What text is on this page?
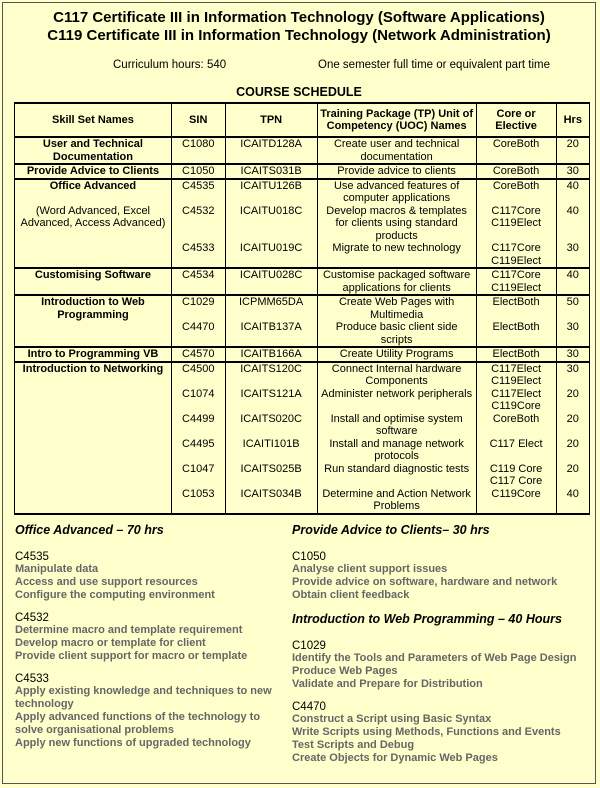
C117 Certificate III in Information Technology (Software Applications)
C119 Certificate III in Information Technology (Network Administration)
Curriculum hours: 540	One semester full time or equivalent part time
COURSE SCHEDULE
Skill Set Names	SIN	TPN	Training Package (TP) Unit of Competency (UOC) Names	Core or Elective	Hrs
User and Technical Documentation	C1080	ICAITD128A	Create user and technical documentation	CoreBoth	20
Provide Advice to Clients	C1050	ICAITS031B	Provide advice to clients	CoreBoth	30
Office Advanced	C4535	ICAITU126B	Use advanced features of computer applications	CoreBoth	40
(Word Advanced, Excel Advanced, Access Advanced)	C4532	ICAITU018C	Develop macros & templates for clients using standard products	C117Core C119Elect	40
	C4533	ICAITU019C	Migrate to new technology	C117Core C119Elect	30
Customising Software	C4534	ICAITU028C	Customise packaged software applications for clients	C117Core C119Elect	40
Introduction to Web Programming	C1029	ICPMM65DA	Create Web Pages with Multimedia	ElectBoth	50
	C4470	ICAITB137A	Produce basic client side scripts	ElectBoth	30
Intro to Programming VB	C4570	ICAITB166A	Create Utility Programs	ElectBoth	30
Introduction to Networking	C4500	ICAITS120C	Connect Internal hardware Components	C117Elect C119Elect	30
	C1074	ICAITS121A	Administer network peripherals	C117Elect C119Core	20
	C4499	ICAITS020C	Install and optimise system software	CoreBoth	20
	C4495	ICAITI101B	Install and manage network protocols	C117 Elect	20
	C1047	ICAITS025B	Run standard diagnostic tests	C119 Core C117 Core	20
	C1053	ICAITS034B	Determine and Action Network Problems	C119Core	40
Office Advanced – 70 hrs
C4535
Manipulate data
Access and use support resources
Configure the computing environment
C4532
Determine macro and template requirement
Develop macro or template for client
Provide client support for macro or template
C4533
Apply existing knowledge and techniques to new technology
Apply advanced functions of the technology to solve organisational problems
Apply new functions of upgraded technology
Provide Advice to Clients– 30 hrs
C1050
Analyse client support issues
Provide advice on software, hardware and network
Obtain client feedback
Introduction to Web Programming – 40 Hours
C1029
Identify the Tools and Parameters of Web Page Design
Produce Web Pages
Validate and Prepare for Distribution
C4470
Construct a Script using Basic Syntax
Write Scripts using Methods, Functions and Events
Test Scripts and Debug
Create Objects for Dynamic Web Pages
